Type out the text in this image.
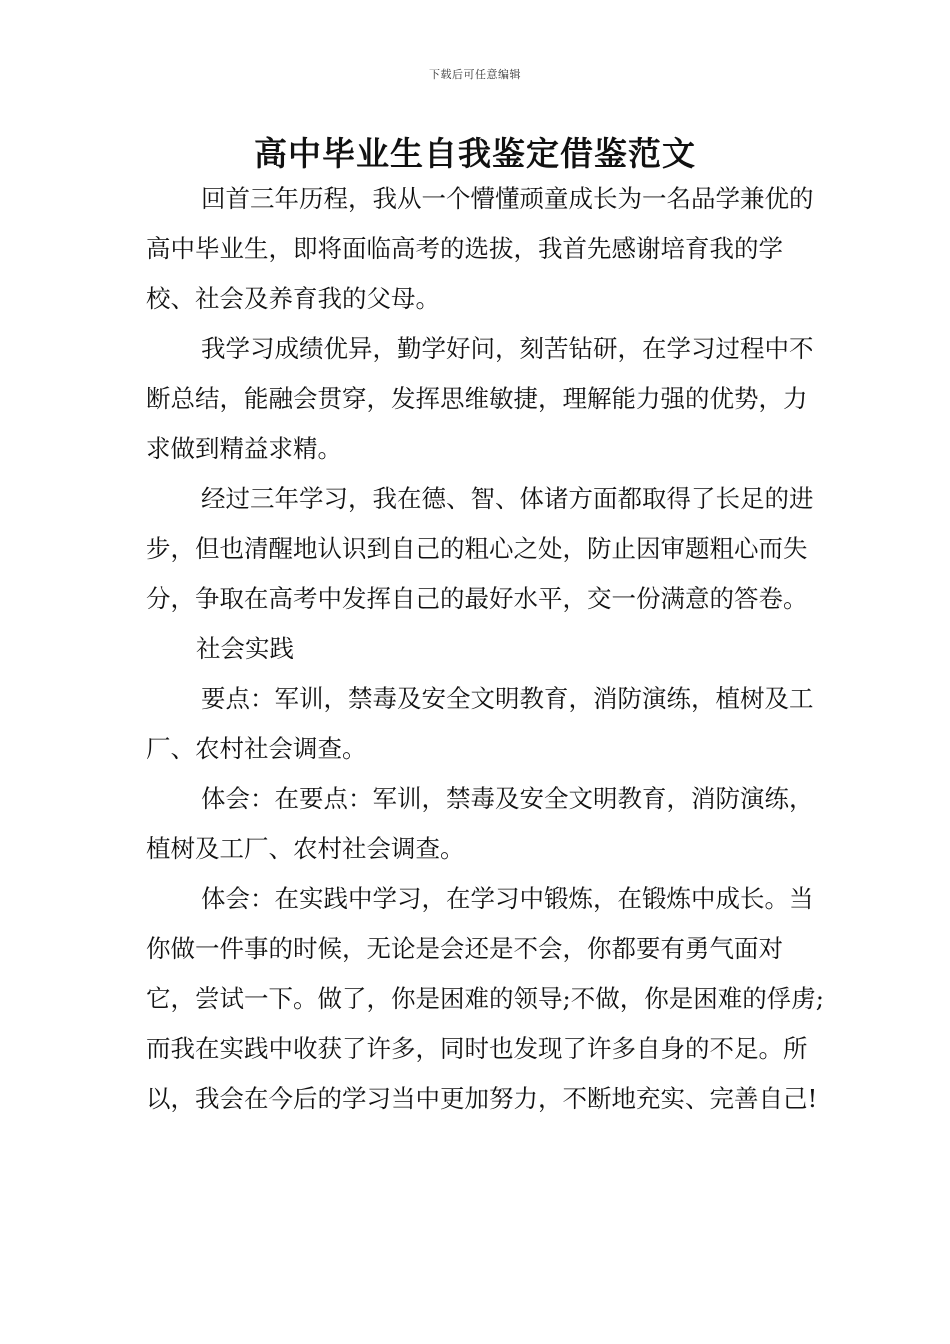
下载后可任意编辑
高中毕业生自我鉴定借鉴范文

回首三年历程，我从一个懵懂顽童成长为一名品学兼优的高中毕业生，即将面临高考的选拔，我首先感谢培育我的学校、社会及养育我的父母。

我学习成绩优异，勤学好问，刻苦钻研，在学习过程中不断总结，能融会贯穿，发挥思维敏捷，理解能力强的优势，力求做到精益求精。

经过三年学习，我在德、智、体诸方面都取得了长足的进步，但也清醒地认识到自己的粗心之处，防止因审题粗心而失分，争取在高考中发挥自己的最好水平，交一份满意的答卷。

社会实践

要点：军训，禁毒及安全文明教育，消防演练，植树及工厂、农村社会调查。

体会：在要点：军训，禁毒及安全文明教育，消防演练，植树及工厂、农村社会调查。

体会：在实践中学习，在学习中锻炼，在锻炼中成长。当你做一件事的时候，无论是会还是不会，你都要有勇气面对它，尝试一下。做了，你是困难的领导;不做，你是困难的俘虏;而我在实践中收获了许多，同时也发现了许多自身的不足。所以，我会在今后的学习当中更加努力，不断地充实、完善自己!
